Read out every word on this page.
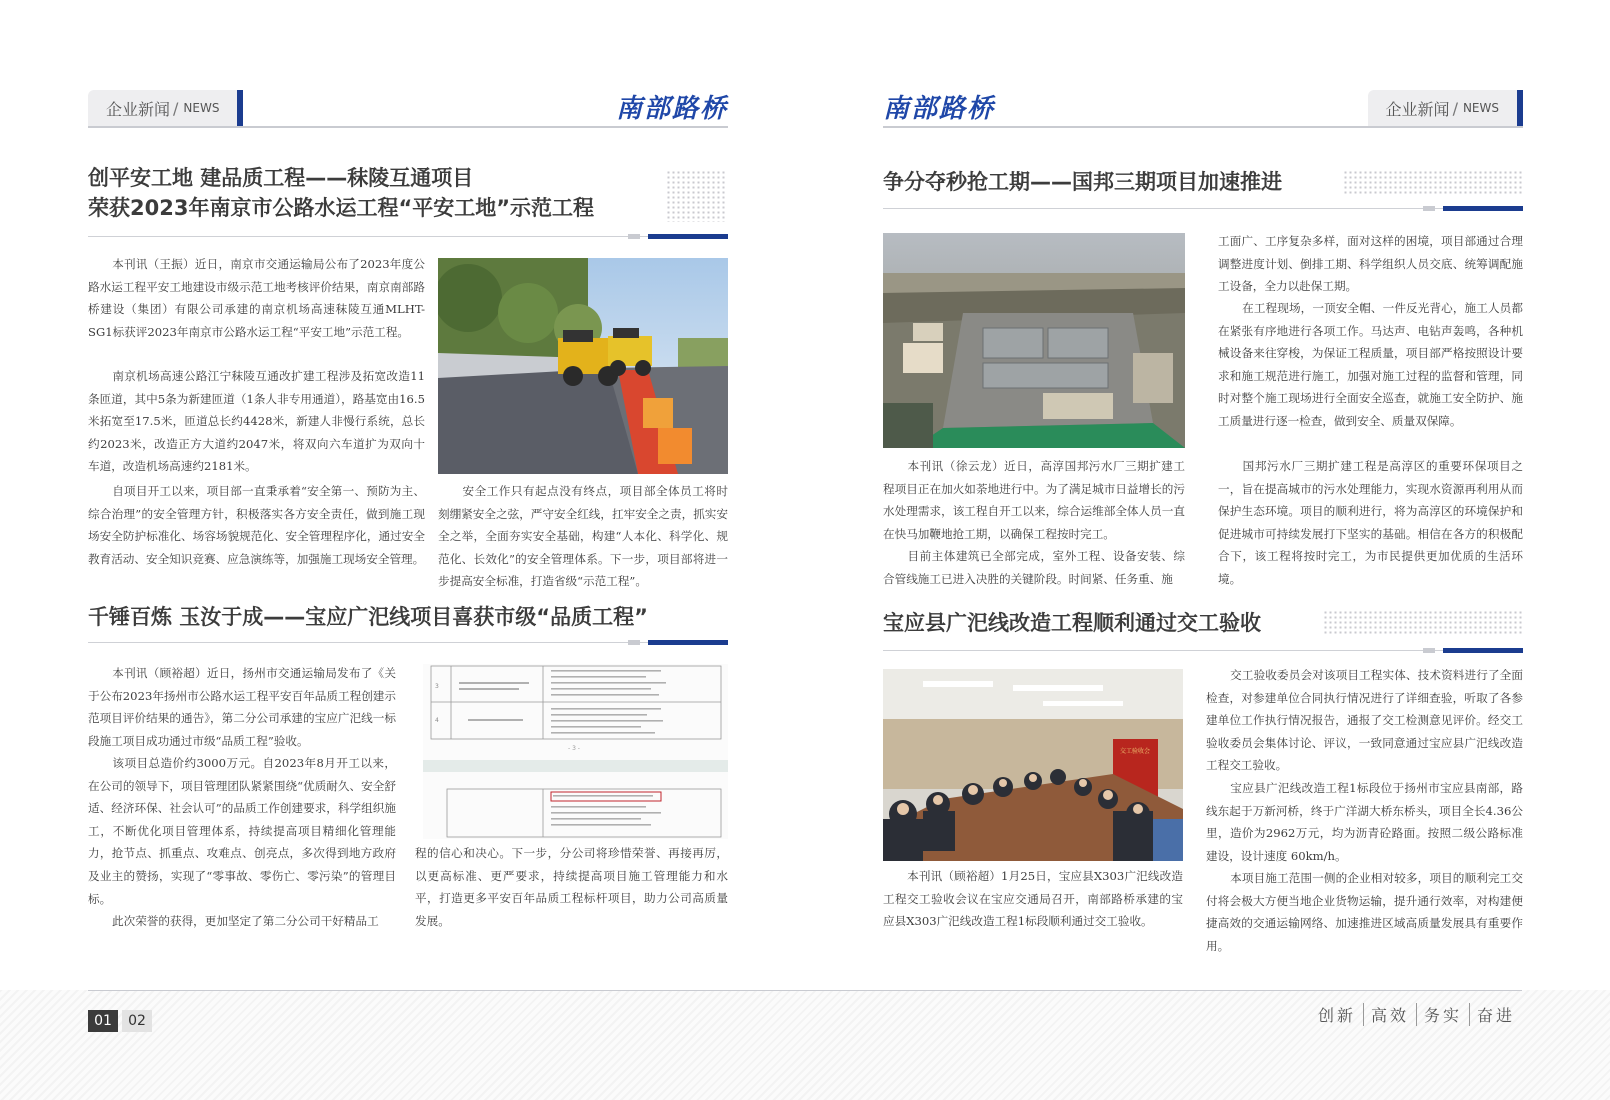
企业新闻 / NEWS	南部路桥
创平安工地 建品质工程——秣陵互通项目
荣获2023年南京市公路水运工程“平安工地”示范工程
本刊讯（王振）近日，南京市交通运输局公布了2023年度公路水运工程平安工地建设市级示范工地考核评价结果，南京南部路桥建设（集团）有限公司承建的南京机场高速秣陵互通MLHT-SG1标获评2023年南京市公路水运工程“平安工地”示范工程。
南京机场高速公路江宁秣陵互通改扩建工程涉及拓宽改造11条匝道，其中5条为新建匝道（1条人非专用通道），路基宽由16.5米拓宽至17.5米，匝道总长约4428米，新建人非慢行系统，总长约2023米，改造正方大道约2047米，将双向六车道扩为双向十车道，改造机场高速约2181米。
自项目开工以来，项目部一直秉承着“安全第一、预防为主、综合治理”的安全管理方针，积极落实各方安全责任，做到施工现场安全防护标准化、场容场貌规范化、安全管理程序化，通过安全教育活动、安全知识竞赛、应急演练等，加强施工现场安全管理。
安全工作只有起点没有终点，项目部全体员工将时刻绷紧安全之弦，严守安全红线，扛牢安全之责，抓实安全之举，全面夯实安全基础，构建“人本化、科学化、规范化、长效化”的安全管理体系。下一步，项目部将进一步提高安全标准，打造省级“示范工程”。
千锤百炼 玉汝于成——宝应广汜线项目喜获市级“品质工程”
本刊讯（顾裕超）近日，扬州市交通运输局发布了《关于公布2023年扬州市公路水运工程平安百年品质工程创建示范项目评价结果的通告》，第二分公司承建的宝应广汜线一标段施工项目成功通过市级“品质工程”验收。
该项目总造价约3000万元。自2023年8月开工以来，在公司的领导下，项目管理团队紧紧围绕“优质耐久、安全舒适、经济环保、社会认可”的品质工作创建要求，科学组织施工，不断优化项目管理体系，持续提高项目精细化管理能力，抢节点、抓重点、攻难点、创亮点，多次得到地方政府及业主的赞扬，实现了“零事故、零伤亡、零污染”的管理目标。
此次荣誉的获得，更加坚定了第二分公司干好精品工
3
4
- 3 -
程的信心和决心。下一步，分公司将珍惜荣誉、再接再厉，以更高标准、更严要求，持续提高项目施工管理能力和水平，打造更多平安百年品质工程标杆项目，助力公司高质量发展。
南部路桥	企业新闻 / NEWS
争分夺秒抢工期——国邦三期项目加速推进
本刊讯（徐云龙）近日，高淳国邦污水厂三期扩建工程项目正在加火如荼地进行中。为了满足城市日益增长的污水处理需求，该工程自开工以来，综合运维部全体人员一直在快马加鞭地抢工期，以确保工程按时完工。
目前主体建筑已全部完成，室外工程、设备安装、综合管线施工已进入决胜的关键阶段。时间紧、任务重、施
工面广、工序复杂多样，面对这样的困境，项目部通过合理调整进度计划、倒排工期、科学组织人员交底、统筹调配施工设备，全力以赴保工期。
在工程现场，一顶安全帽、一件反光背心，施工人员都在紧张有序地进行各项工作。马达声、电钻声轰鸣，各种机械设备来往穿梭，为保证工程质量，项目部严格按照设计要求和施工规范进行施工，加强对施工过程的监督和管理，同时对整个施工现场进行全面安全巡查，就施工安全防护、施工质量进行逐一检查，做到安全、质量双保障。
国邦污水厂三期扩建工程是高淳区的重要环保项目之一，旨在提高城市的污水处理能力，实现水资源再利用从而保护生态环境。项目的顺利进行，将为高淳区的环境保护和促进城市可持续发展打下坚实的基础。相信在各方的积极配合下，该工程将按时完工，为市民提供更加优质的生活环境。
宝应县广汜线改造工程顺利通过交工验收
交工验收会
本刊讯（顾裕超）1月25日，宝应县X303广汜线改造工程交工验收会议在宝应交通局召开，南部路桥承建的宝应县X303广汜线改造工程1标段顺利通过交工验收。
交工验收委员会对该项目工程实体、技术资料进行了全面检查，对参建单位合同执行情况进行了详细查验，听取了各参建单位工作执行情况报告，通报了交工检测意见评价。经交工验收委员会集体讨论、评议，一致同意通过宝应县广汜线改造工程交工验收。
宝应县广汜线改造工程1标段位于扬州市宝应县南部，路线东起于万新河桥，终于广洋湖大桥东桥头，项目全长4.36公里，造价为2962万元，均为沥青砼路面。按照二级公路标准建设，设计速度 60km/h。
本项目施工范围一侧的企业相对较多，项目的顺利完工交付将会极大方便当地企业货物运输，提升通行效率，对构建便捷高效的交通运输网络、加速推进区域高质量发展具有重要作用。
01	02	创新 高效 务实 奋进
